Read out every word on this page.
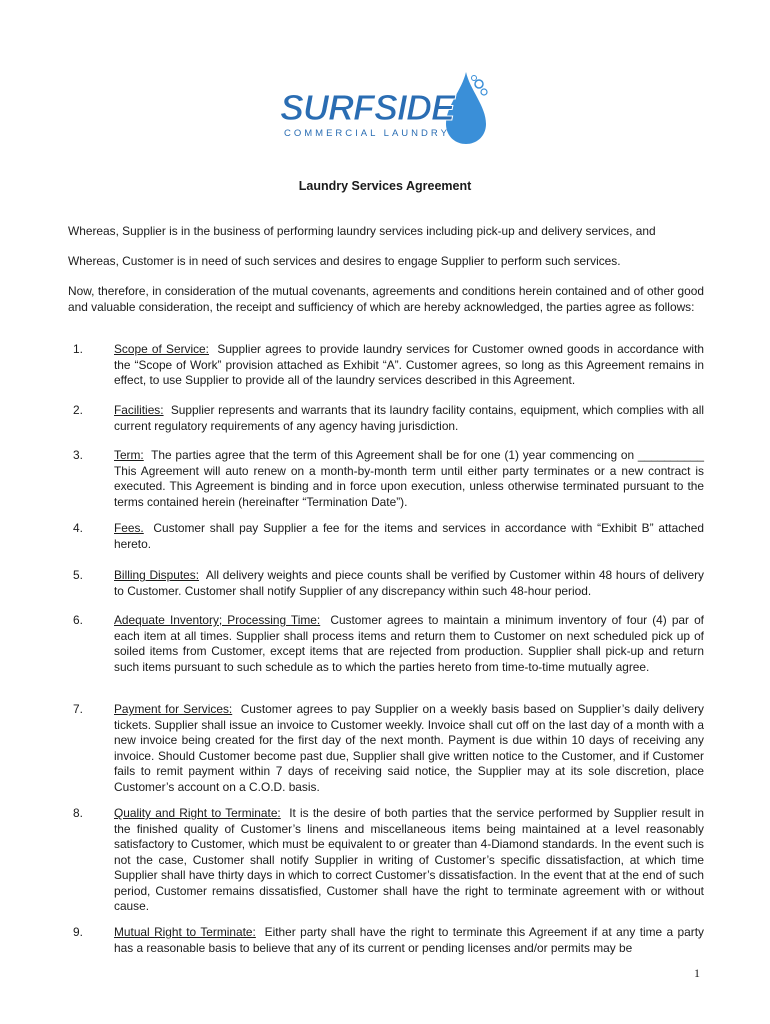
SURFSIDE
COMMERCIAL LAUNDRY
Laundry Services Agreement
Whereas, Supplier is in the business of performing laundry services including pick-up and delivery services, and
Whereas, Customer is in need of such services and desires to engage Supplier to perform such services.
Now, therefore, in consideration of the mutual covenants, agreements and conditions herein contained and of other good and valuable consideration, the receipt and sufficiency of which are hereby acknowledged, the parties agree as follows:
1.	Scope of Service: Supplier agrees to provide laundry services for Customer owned goods in accordance with the “Scope of Work” provision attached as Exhibit “A”. Customer agrees, so long as this Agreement remains in effect, to use Supplier to provide all of the laundry services described in this Agreement.
2.	Facilities: Supplier represents and warrants that its laundry facility contains, equipment, which complies with all current regulatory requirements of any agency having jurisdiction.
3.	Term: The parties agree that the term of this Agreement shall be for one (1) year commencing on __________ This Agreement will auto renew on a month-by-month term until either party terminates or a new contract is executed. This Agreement is binding and in force upon execution, unless otherwise terminated pursuant to the terms contained herein (hereinafter “Termination Date”).
4.	Fees. Customer shall pay Supplier a fee for the items and services in accordance with “Exhibit B” attached hereto.
5.	Billing Disputes: All delivery weights and piece counts shall be verified by Customer within 48 hours of delivery to Customer. Customer shall notify Supplier of any discrepancy within such 48-hour period.
6.	Adequate Inventory; Processing Time: Customer agrees to maintain a minimum inventory of four (4) par of each item at all times. Supplier shall process items and return them to Customer on next scheduled pick up of soiled items from Customer, except items that are rejected from production. Supplier shall pick-up and return such items pursuant to such schedule as to which the parties hereto from time-to-time mutually agree.
7.	Payment for Services: Customer agrees to pay Supplier on a weekly basis based on Supplier’s daily delivery tickets. Supplier shall issue an invoice to Customer weekly. Invoice shall cut off on the last day of a month with a new invoice being created for the first day of the next month. Payment is due within 10 days of receiving any invoice. Should Customer become past due, Supplier shall give written notice to the Customer, and if Customer fails to remit payment within 7 days of receiving said notice, the Supplier may at its sole discretion, place Customer’s account on a C.O.D. basis.
8.	Quality and Right to Terminate: It is the desire of both parties that the service performed by Supplier result in the finished quality of Customer’s linens and miscellaneous items being maintained at a level reasonably satisfactory to Customer, which must be equivalent to or greater than 4-Diamond standards. In the event such is not the case, Customer shall notify Supplier in writing of Customer’s specific dissatisfaction, at which time Supplier shall have thirty days in which to correct Customer’s dissatisfaction. In the event that at the end of such period, Customer remains dissatisfied, Customer shall have the right to terminate agreement with or without cause.
9.	Mutual Right to Terminate: Either party shall have the right to terminate this Agreement if at any time a party has a reasonable basis to believe that any of its current or pending licenses and/or permits may be
1
